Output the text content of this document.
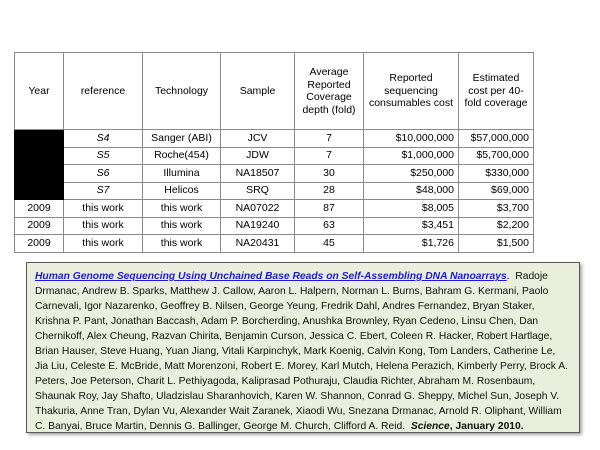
Year	reference	Technology	Sample	Average Reported Coverage depth (fold)	Reported sequencing consumables cost	Estimated cost per 40-fold coverage
	S4	Sanger (ABI)	JCV	7	$10,000,000	$57,000,000
	S5	Roche(454)	JDW	7	$1,000,000	$5,700,000
	S6	Illumina	NA18507	30	$250,000	$330,000
	S7	Helicos	SRQ	28	$48,000	$69,000
2009	this work	this work	NA07022	87	$8,005	$3,700
2009	this work	this work	NA19240	63	$3,451	$2,200
2009	this work	this work	NA20431	45	$1,726	$1,500
Human Genome Sequencing Using Unchained Base Reads on Self-Assembling DNA Nanoarrays. Radoje Drmanac, Andrew B. Sparks, Matthew J. Callow, Aaron L. Halpern, Norman L. Burns, Bahram G. Kermani, Paolo Carnevali, Igor Nazarenko, Geoffrey B. Nilsen, George Yeung, Fredrik Dahl, Andres Fernandez, Bryan Staker, Krishna P. Pant, Jonathan Baccash, Adam P. Borcherding, Anushka Brownley, Ryan Cedeno, Linsu Chen, Dan Chernikoff, Alex Cheung, Razvan Chirita, Benjamin Curson, Jessica C. Ebert, Coleen R. Hacker, Robert Hartlage, Brian Hauser, Steve Huang, Yuan Jiang, Vitali Karpinchyk, Mark Koenig, Calvin Kong, Tom Landers, Catherine Le, Jia Liu, Celeste E. McBride, Matt Morenzoni, Robert E. Morey, Karl Mutch, Helena Perazich, Kimberly Perry, Brock A. Peters, Joe Peterson, Charit L. Pethiyagoda, Kaliprasad Pothuraju, Claudia Richter, Abraham M. Rosenbaum, Shaunak Roy, Jay Shafto, Uladzislau Sharanhovich, Karen W. Shannon, Conrad G. Sheppy, Michel Sun, Joseph V. Thakuria, Anne Tran, Dylan Vu, Alexander Wait Zaranek, Xiaodi Wu, Snezana Drmanac, Arnold R. Oliphant, William C. Banyai, Bruce Martin, Dennis G. Ballinger, George M. Church, Clifford A. Reid. Science, January 2010.
